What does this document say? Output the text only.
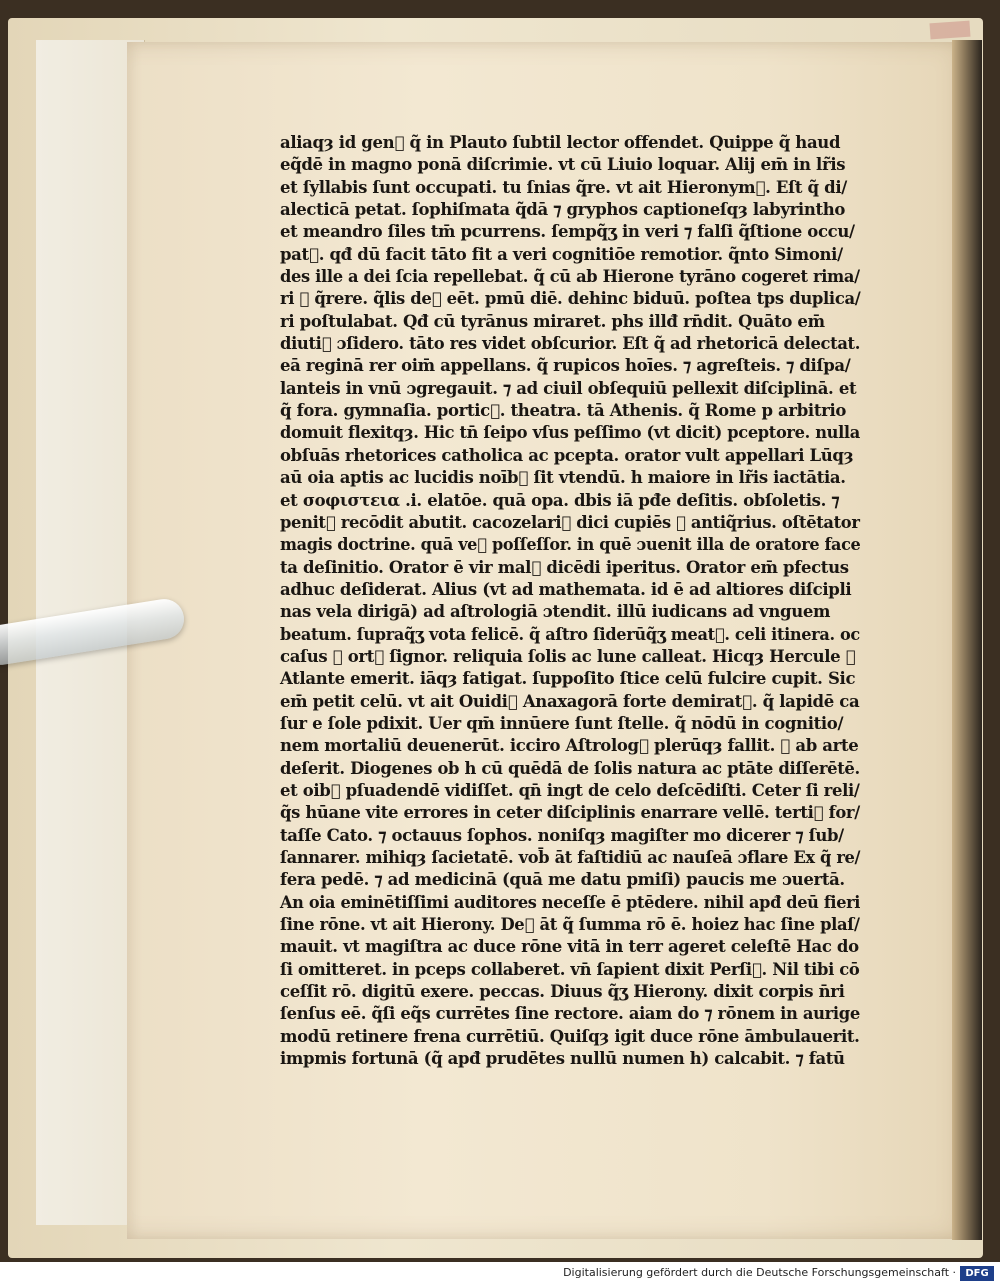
aliaqȝ id gen᷒ q̃ in Plauto ſubtil lector offendet. Quippe q̃ haud
eq̃dē in magno ponā diſcrimie. vt cū Liuio loquar. Alij em̄ in lr̃is
et ſyllabis ſunt occupati. tu ſnias q̃re. vt ait Hieronym᷒. Eſt q̃ di/
alecticā petat. ſophiſmata q̃dā ⁊ gryphos captioneſqȝ labyrintho
et meandro ſiles tm̄ pcurrens. ſempq̃ʒ in veri ⁊ falſi q̃ſtione occu/
pat᷒. qđ dū facit tāto fit a veri cognitiōe remotior. q̃nto Simoni/
des ille a dei ſcia repellebat. q̃ cū ab Hierone tyrāno cogeret rima/
ri ⁊ q̃rere. q̃lis de᷒ eēt. pmū diē. dehinc biduū. poſtea tps duplica/
ri poſtulabat. Qđ cū tyrānus miraret. phs illđ rn̄dit. Quāto em̄
diuti᷒ ɔſidero. tāto res videt obſcurior. Eſt q̃ ad rhetoricā delectat.
eā reginā rer oim̄ appellans. q̃ rupicos hoīes. ⁊ agreſteis. ⁊ diſpa/
lanteis in vnū ɔgregauit. ⁊ ad ciuil obſequiū pellexit diſciplinā. et
q̃ fora. gymnaſia. portic᷒. theatra. tā Athenis. q̃ Rome p arbitrio
domuit flexitqȝ. Hic tn̄ ſeipo vſus peſſimo (vt dicit) pceptore. nulla
obſuās rhetorices catholica ac pcepta. orator vult appellari Lūqȝ
aū oia aptis ac lucidis noīb᷒ ſit vtendū. h maiore in lr̃is iactātia.
et σοφιστεια .i. elatōe. quā opa. dbis iā pđe deſitis. obſoletis. ⁊
penit᷒ recōdit abutit. cacozelari᷒ dici cupiēs ⁊ antiq̃rius. oſtētator
magis doctrine. quā ve᷒ poſſeſſor. in quē ɔuenit illa de oratore face
ta deſinitio. Orator ē vir mal᷒ dicēdi iperitus. Orator em̄ pfectus
adhuc deſiderat. Alius (vt ad mathemata. id ē ad altiores diſcipli
nas vela dirigā) ad aſtrologiā ɔtendit. illū iudicans ad vnguem
beatum. ſupraq̃ʒ vota felicē. q̃ aſtro ſiderūq̃ʒ meat᷒. celi itinera. oc
caſus ⁊ ort᷒ ſignor. reliquia ſolis ac lune calleat. Hicqȝ Hercule ⁊
Atlante emerit. iāqȝ fatigat. ſuppoſito ſtice celū fulcire cupit. Sic
em̄ petit celū. vt ait Ouidi᷒ Anaxagorā forte demirat᷒. q̃ lapidē ca
ſur e ſole pdixit. Uer qm̄ innūere ſunt ſtelle. q̃ nōdū in cognitio/
nem mortaliū deuenerūt. icciro Aſtrolog᷒ plerūqȝ fallit. ⁊ ab arte
deſerit. Diogenes ob h cū quēdā de ſolis natura ac ptāte diſſerētē.
et oib᷒ pſuadendē vidiſſet. qn̄ ingt de celo deſcēdiſti. Ceter ſi reli/
q̃s hūane vite errores in ceter diſciplinis enarrare vellē. terti᷒ for/
taſſe Cato. ⁊ octauus ſophos. noniſqȝ magiſter mo dicerer ⁊ ſub/
ſannarer. mihiqȝ ſacietatē. vob̄ āt faſtidiū ac nauſeā ɔflare Ex q̃ re/
fera pedē. ⁊ ad medicinā (quā me datu pmiſi) paucis me ɔuertā.
An oia eminētiſſimi auditores neceſſe ē ptēdere. nihil apđ deū fieri
ſine rōne. vt ait Hierony. De᷒ āt q̃ ſumma rō ē. hoiez hac ſine plaſ/
mauit. vt magiſtra ac duce rōne vitā in terr ageret celeſtē Hac do
ſi omitteret. in pceps collaberet. vn̄ ſapient dixit Perſi᷒. Nil tibi cō
ceſſit rō. digitū exere. peccas. Diuus q̃ʒ Hierony. dixit corpis n̄ri
ſenſus eē. q̃ſi eq̃s currētes ſine rectore. aiam do ⁊ rōnem in aurige
modū retinere frena currētiū. Quiſqȝ igit duce rōne āmbulauerit.
impmis fortunā (q̃ apđ prudētes nullū numen h) calcabit. ⁊ fatū
Digitalisierung gefördert durch die Deutsche Forschungsgemeinschaft · DFG
